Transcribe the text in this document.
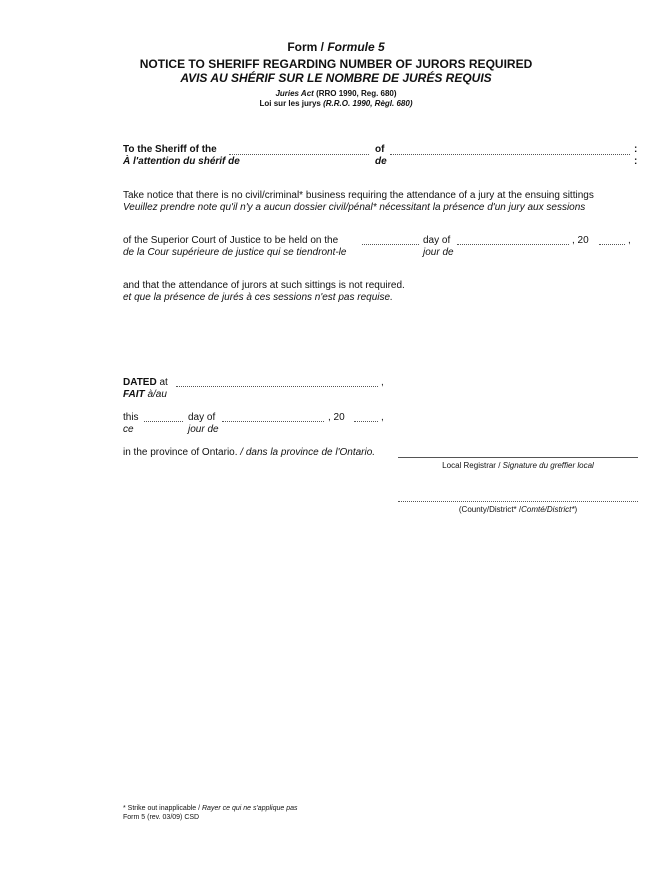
Form / Formule 5
NOTICE TO SHERIFF REGARDING NUMBER OF JURORS REQUIRED
AVIS AU SHÉRIF SUR LE NOMBRE DE JURÉS REQUIS
Juries Act (RRO 1990, Reg. 680)
Loi sur les jurys (R.R.O. 1990, Règl. 680)
To the Sheriff of the
À l'attention du shérif de
of
de
:
:
Take notice that there is no civil/criminal* business requiring the attendance of a jury at the ensuing sittings
Veuillez prendre note qu'il n'y a aucun dossier civil/pénal* nécessitant la présence d'un jury aux sessions
of the Superior Court of Justice to be held on the
de la Cour supérieure de justice qui se tiendront-le
day of
jour de
, 20	,
and that the attendance of jurors at such sittings is not required.
et que la présence de jurés à ces sessions n'est pas requise.
DATED at
FAIT à/au
,
this
ce
day of
jour de
, 20	,
in the province of Ontario. / dans la province de l'Ontario.
Local Registrar / Signature du greffier local
(County/District* /Comté/District*)
* Strike out inapplicable / Rayer ce qui ne s'applique pas
Form 5 (rev. 03/09) CSD
